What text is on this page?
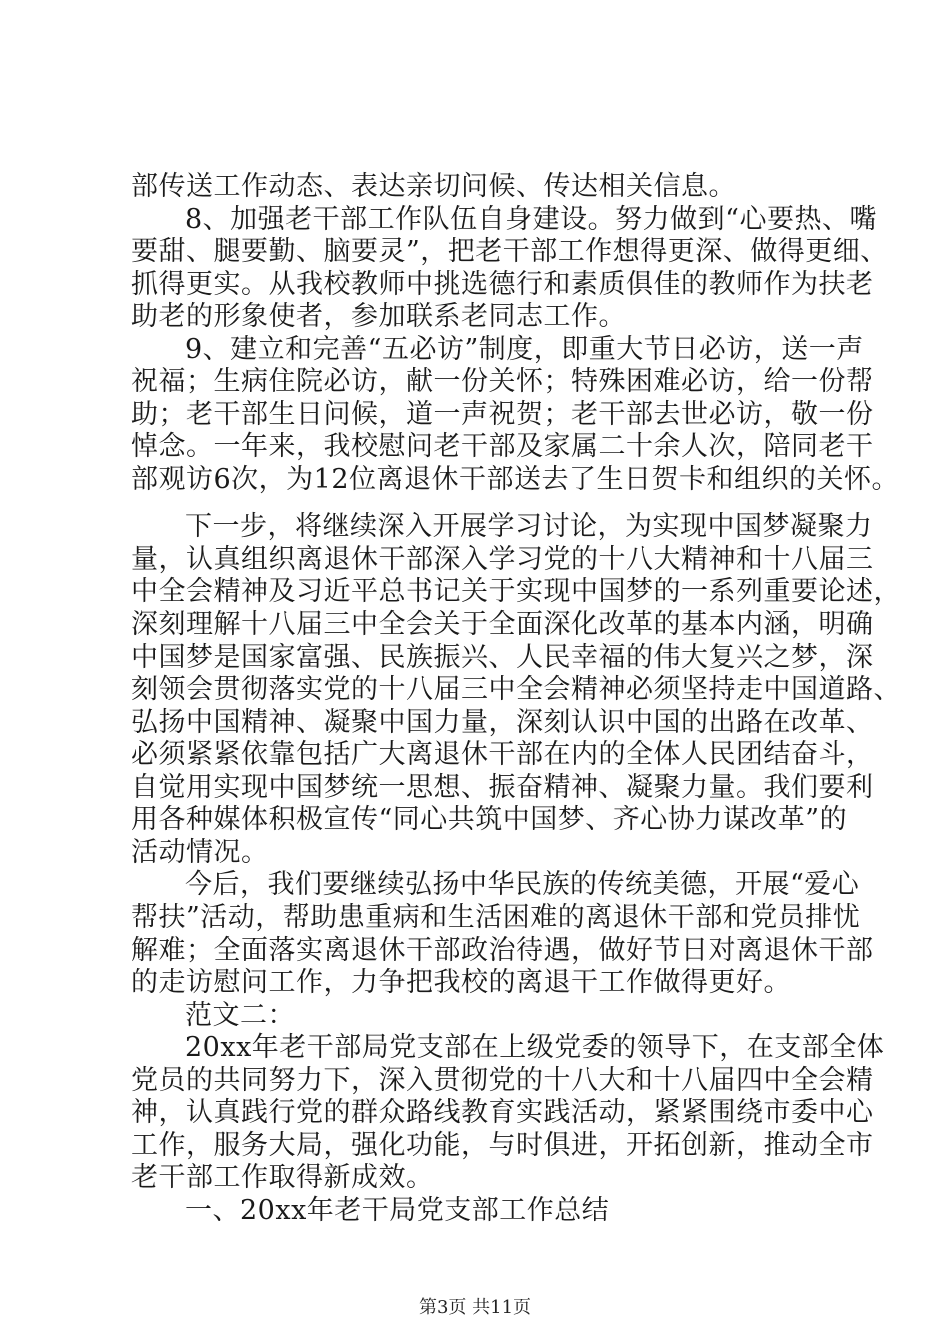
部传送工作动态、表达亲切问候、传达相关信息。
8、加强老干部工作队伍自身建设。努力做到“心要热、嘴
要甜、腿要勤、脑要灵”，把老干部工作想得更深、做得更细、
抓得更实。从我校教师中挑选德行和素质俱佳的教师作为扶老
助老的形象使者，参加联系老同志工作。
9、建立和完善“五必访”制度，即重大节日必访，送一声
祝福；生病住院必访，献一份关怀；特殊困难必访，给一份帮
助；老干部生日问候，道一声祝贺；老干部去世必访，敬一份
悼念。一年来，我校慰问老干部及家属二十余人次，陪同老干
部观访6次，为12位离退休干部送去了生日贺卡和组织的关怀。
下一步，将继续深入开展学习讨论，为实现中国梦凝聚力
量，认真组织离退休干部深入学习党的十八大精神和十八届三
中全会精神及习近平总书记关于实现中国梦的一系列重要论述，
深刻理解十八届三中全会关于全面深化改革的基本内涵，明确
中国梦是国家富强、民族振兴、人民幸福的伟大复兴之梦，深
刻领会贯彻落实党的十八届三中全会精神必须坚持走中国道路、
弘扬中国精神、凝聚中国力量，深刻认识中国的出路在改革、
必须紧紧依靠包括广大离退休干部在内的全体人民团结奋斗，
自觉用实现中国梦统一思想、振奋精神、凝聚力量。我们要利
用各种媒体积极宣传“同心共筑中国梦、齐心协力谋改革”的
活动情况。
今后，我们要继续弘扬中华民族的传统美德，开展“爱心
帮扶”活动，帮助患重病和生活困难的离退休干部和党员排忧
解难；全面落实离退休干部政治待遇，做好节日对离退休干部
的走访慰问工作，力争把我校的离退干工作做得更好。
范文二：
20xx年老干部局党支部在上级党委的领导下，在支部全体
党员的共同努力下，深入贯彻党的十八大和十八届四中全会精
神，认真践行党的群众路线教育实践活动，紧紧围绕市委中心
工作，服务大局，强化功能，与时俱进，开拓创新，推动全市
老干部工作取得新成效。
一、20xx年老干局党支部工作总结
第3页 共11页
